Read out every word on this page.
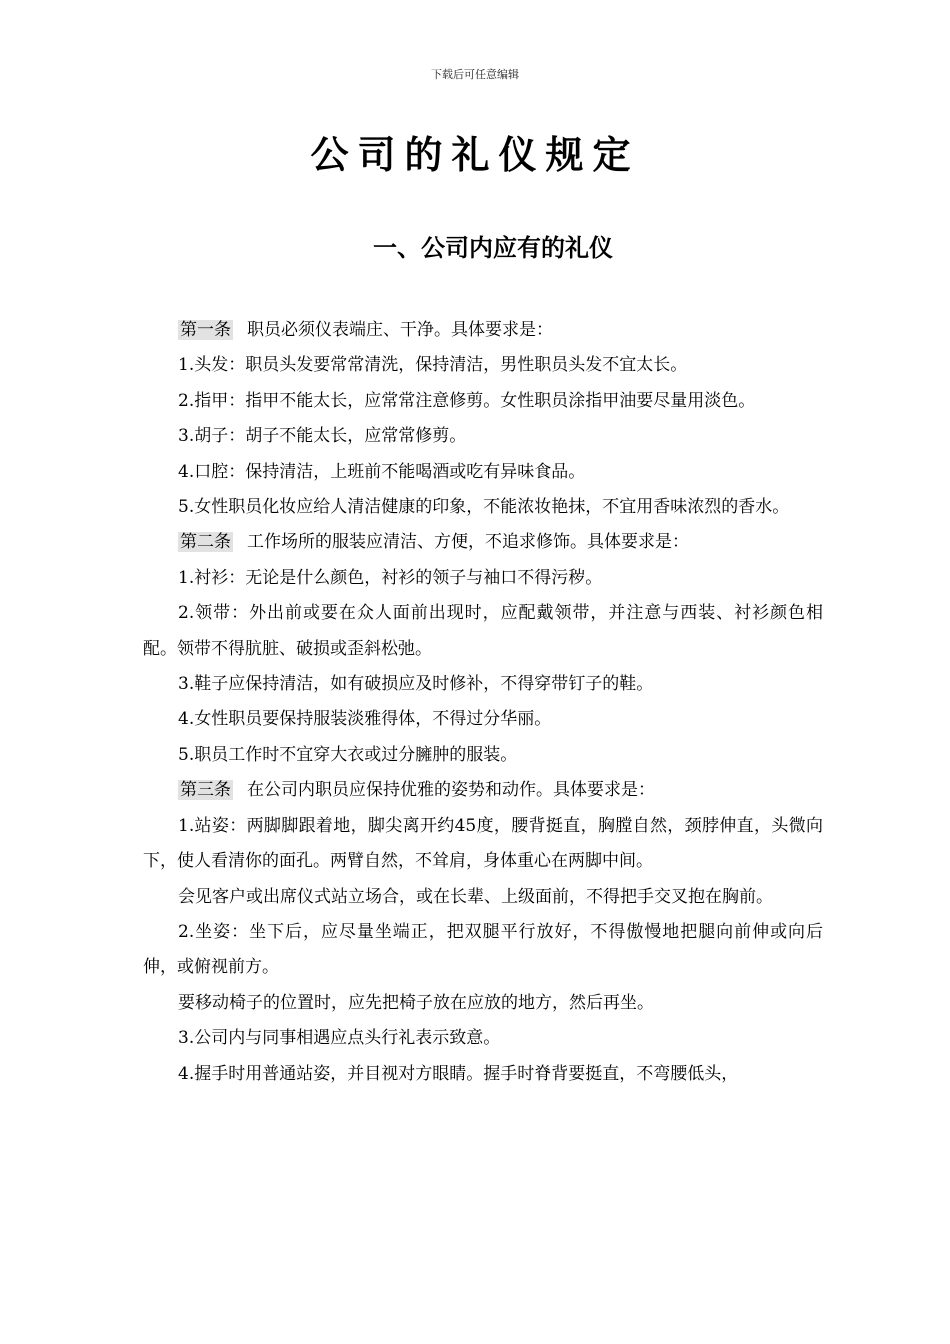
下载后可任意编辑
公司的礼仪规定
一、公司内应有的礼仪

第一条 职员必须仪表端庄、干净。具体要求是：

1.头发：职员头发要常常清洗，保持清洁，男性职员头发不宜太长。

2.指甲：指甲不能太长，应常常注意修剪。女性职员涂指甲油要尽量用淡色。

3.胡子：胡子不能太长，应常常修剪。

4.口腔：保持清洁，上班前不能喝酒或吃有异味食品。

5.女性职员化妆应给人清洁健康的印象，不能浓妆艳抹，不宜用香味浓烈的香水。

第二条 工作场所的服装应清洁、方便，不追求修饰。具体要求是：

1.衬衫：无论是什么颜色，衬衫的领子与袖口不得污秽。

2.领带：外出前或要在众人面前出现时，应配戴领带，并注意与西装、衬衫颜色相配。领带不得肮脏、破损或歪斜松弛。

3.鞋子应保持清洁，如有破损应及时修补，不得穿带钉子的鞋。

4.女性职员要保持服装淡雅得体，不得过分华丽。

5.职员工作时不宜穿大衣或过分臃肿的服装。

第三条 在公司内职员应保持优雅的姿势和动作。具体要求是：

1.站姿：两脚脚跟着地，脚尖离开约45度，腰背挺直，胸膛自然，颈脖伸直，头微向下，使人看清你的面孔。两臂自然，不耸肩，身体重心在两脚中间。

会见客户或出席仪式站立场合，或在长辈、上级面前，不得把手交叉抱在胸前。

2.坐姿：坐下后，应尽量坐端正，把双腿平行放好，不得傲慢地把腿向前伸或向后伸，或俯视前方。

要移动椅子的位置时，应先把椅子放在应放的地方，然后再坐。

3.公司内与同事相遇应点头行礼表示致意。

4.握手时用普通站姿，并目视对方眼睛。握手时脊背要挺直，不弯腰低头，
